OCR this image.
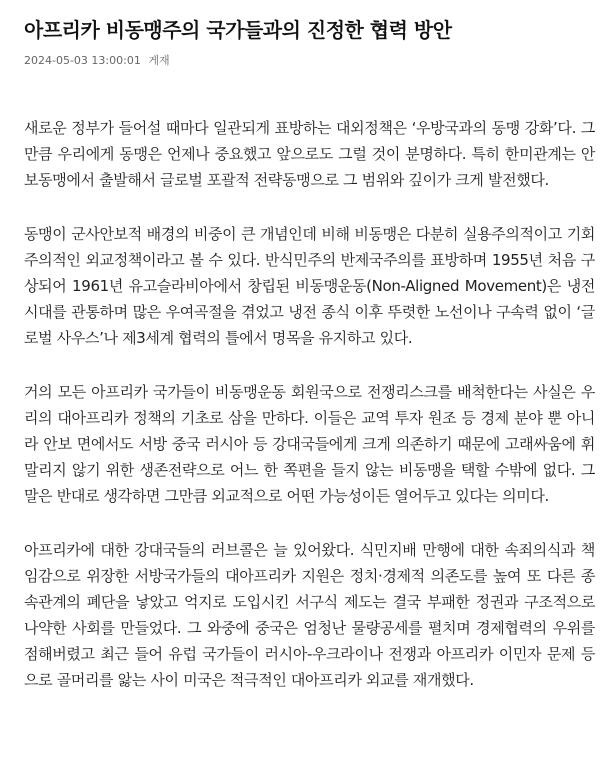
아프리카 비동맹주의 국가들과의 진정한 협력 방안
2024-05-03 13:00:01 게재

새로운 정부가 들어설 때마다 일관되게 표방하는 대외정책은 ‘우방국과의 동맹 강화’다. 그만큼 우리에게 동맹은 언제나 중요했고 앞으로도 그럴 것이 분명하다. 특히 한미관계는 안보동맹에서 출발해서 글로벌 포괄적 전략동맹으로 그 범위와 깊이가 크게 발전했다.

동맹이 군사안보적 배경의 비중이 큰 개념인데 비해 비동맹은 다분히 실용주의적이고 기회주의적인 외교정책이라고 볼 수 있다. 반식민주의 반제국주의를 표방하며 1955년 처음 구상되어 1961년 유고슬라비아에서 창립된 비동맹운동(Non-Aligned Movement)은 냉전시대를 관통하며 많은 우여곡절을 겪었고 냉전 종식 이후 뚜렷한 노선이나 구속력 없이 ‘글로벌 사우스’나 제3세계 협력의 틀에서 명목을 유지하고 있다.

거의 모든 아프리카 국가들이 비동맹운동 회원국으로 전쟁리스크를 배척한다는 사실은 우리의 대아프리카 정책의 기초로 삼을 만하다. 이들은 교역 투자 원조 등 경제 분야 뿐 아니라 안보 면에서도 서방 중국 러시아 등 강대국들에게 크게 의존하기 때문에 고래싸움에 휘말리지 않기 위한 생존전략으로 어느 한 쪽편을 들지 않는 비동맹을 택할 수밖에 없다. 그 말은 반대로 생각하면 그만큼 외교적으로 어떤 가능성이든 열어두고 있다는 의미다.

아프리카에 대한 강대국들의 러브콜은 늘 있어왔다. 식민지배 만행에 대한 속죄의식과 책임감으로 위장한 서방국가들의 대아프리카 지원은 정치·경제적 의존도를 높여 또 다른 종속관계의 폐단을 낳았고 억지로 도입시킨 서구식 제도는 결국 부패한 정권과 구조적으로 나약한 사회를 만들었다. 그 와중에 중국은 엄청난 물량공세를 펼치며 경제협력의 우위를 점해버렸고 최근 들어 유럽 국가들이 러시아-우크라이나 전쟁과 아프리카 이민자 문제 등으로 골머리를 앓는 사이 미국은 적극적인 대아프리카 외교를 재개했다.
